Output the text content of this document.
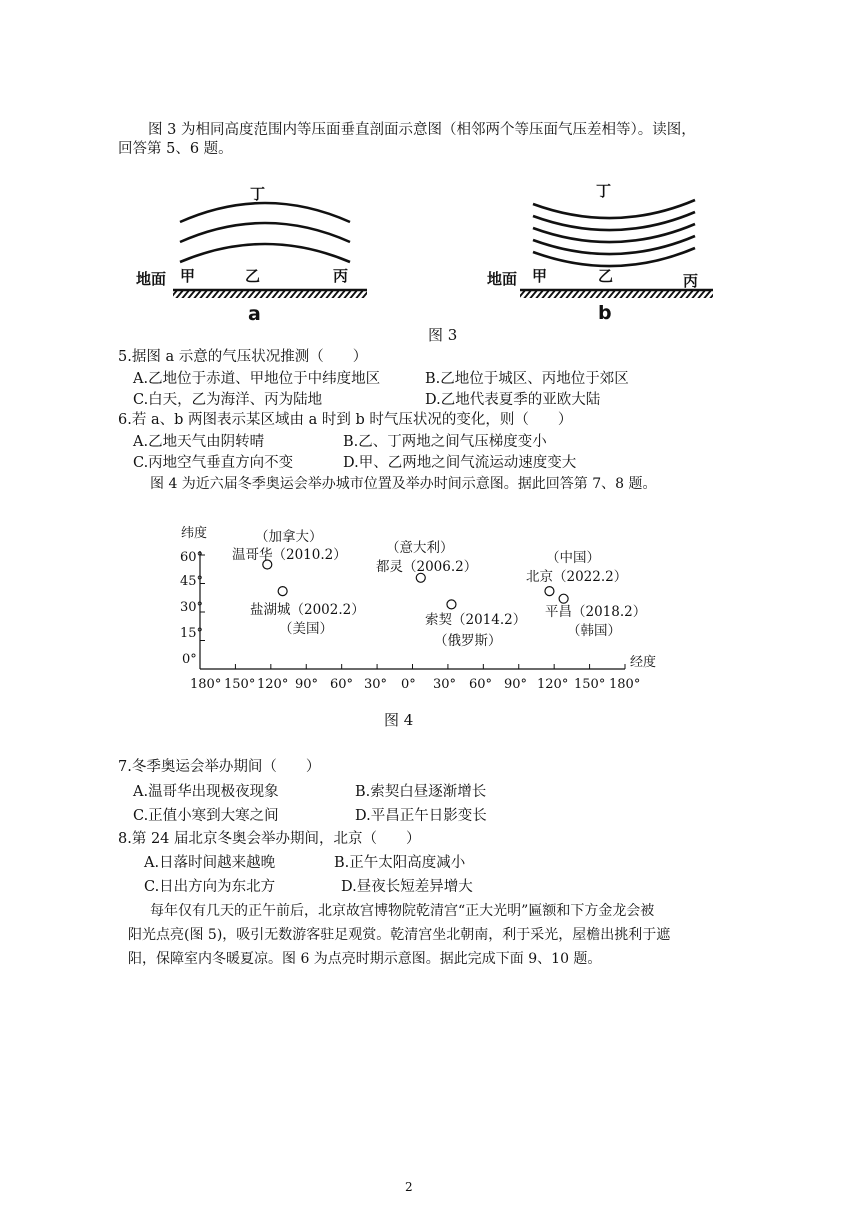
图 3 为相同高度范围内等压面垂直剖面示意图（相邻两个等压面气压差相等）。读图，
回答第 5、6 题。
丁
地面 甲	乙	丙
a
丁
地面 甲	乙	丙
b
图 3
5.据图 a 示意的气压状况推测（　　）
A.乙地位于赤道、甲地位于中纬度地区	B.乙地位于城区、丙地位于郊区
C.白天，乙为海洋、丙为陆地	D.乙地代表夏季的亚欧大陆
6.若 a、b 两图表示某区域由 a 时到 b 时气压状况的变化，则（　　）
A.乙地天气由阴转晴	B.乙、丁两地之间气压梯度变小
C.丙地空气垂直方向不变	D.甲、乙两地之间气流运动速度变大
图 4 为近六届冬季奥运会举办城市位置及举办时间示意图。据此回答第 7、8 题。
纬度
经度
60°
45°
30°
15°
0°
180° 150° 120° 90° 60° 30° 0° 30° 60° 90° 120° 150° 180°
（加拿大）
温哥华（2010.2）
盐湖城（2002.2）
（美国）
（意大利）
都灵（2006.2）
索契（2014.2）
（俄罗斯）
（中国）
北京（2022.2）
平昌（2018.2）
（韩国）
图 4
7.冬季奥运会举办期间（　　）
A.温哥华出现极夜现象	B.索契白昼逐渐增长
C.正值小寒到大寒之间	D.平昌正午日影变长
8.第 24 届北京冬奥会举办期间，北京（　　）
A.日落时间越来越晚	B.正午太阳高度减小
C.日出方向为东北方	D.昼夜长短差异增大
每年仅有几天的正午前后，北京故宫博物院乾清宫“正大光明”匾额和下方金龙会被
阳光点亮(图 5)，吸引无数游客驻足观赏。乾清宫坐北朝南，利于采光，屋檐出挑利于遮
阳，保障室内冬暖夏凉。图 6 为点亮时期示意图。据此完成下面 9、10 题。
2
